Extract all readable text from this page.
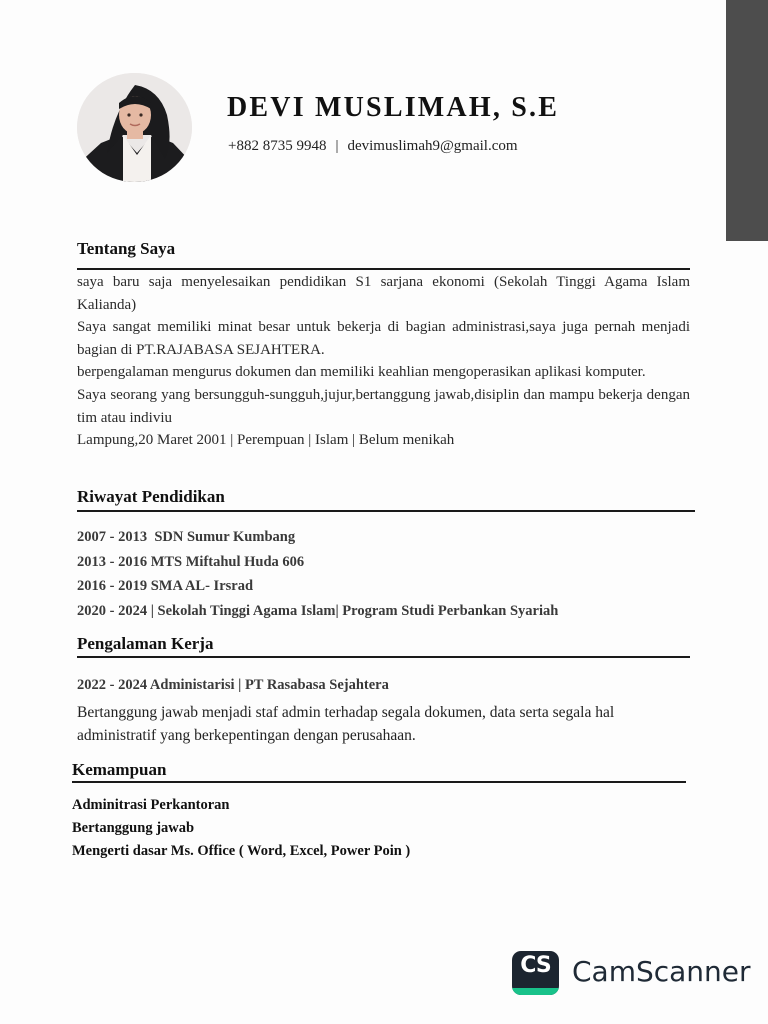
DEVI MUSLIMAH, S.E
+882 8735 9948 | devimuslimah9@gmail.com
Tentang Saya

saya baru saja menyelesaikan pendidikan S1 sarjana ekonomi (Sekolah Tinggi Agama Islam Kalianda)

Saya sangat memiliki minat besar untuk bekerja di bagian administrasi,saya juga pernah menjadi bagian di PT.RAJABASA SEJAHTERA.

berpengalaman mengurus dokumen dan memiliki keahlian mengoperasikan aplikasi komputer.

Saya seorang yang bersungguh-sungguh,jujur,bertanggung jawab,disiplin dan mampu bekerja dengan tim atau indiviu

Lampung,20 Maret 2001 | Perempuan | Islam | Belum menikah

Riwayat Pendidikan
2007 - 2013  SDN Sumur Kumbang
2013 - 2016 MTS Miftahul Huda 606
2016 - 2019 SMA AL- Irsrad
2020 - 2024 | Sekolah Tinggi Agama Islam| Program Studi Perbankan Syariah
Pengalaman Kerja
2022 - 2024 Administarisi | PT Rasabasa Sejahtera

Bertanggung jawab menjadi staf admin terhadap segala dokumen, data serta segala hal administratif yang berkepentingan dengan perusahaan.

Kemampuan
Adminitrasi Perkantoran
Bertanggung jawab
Mengerti dasar Ms. Office ( Word, Excel, Power Poin )
CS CamScanner
